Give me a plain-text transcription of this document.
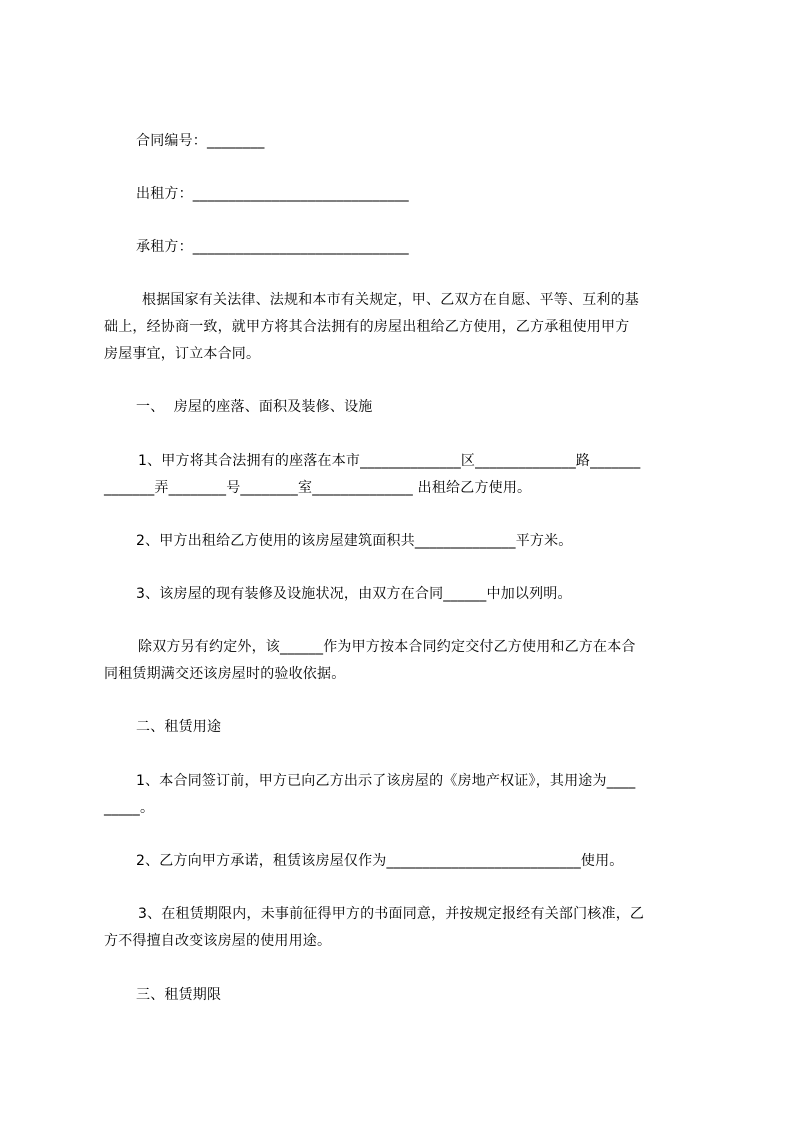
合同编号：________
出租方：______________________________
承租方：______________________________
根据国家有关法律、法规和本市有关规定，甲、乙双方在自愿、平等、互利的基
础上，经协商一致，就甲方将其合法拥有的房屋出租给乙方使用，乙方承租使用甲方
房屋事宜，订立本合同。
一、  房屋的座落、面积及装修、设施
1、甲方将其合法拥有的座落在本市______________区______________路_______
_______弄________号________室______________ 出租给乙方使用。
2、甲方出租给乙方使用的该房屋建筑面积共______________平方米。
3、该房屋的现有装修及设施状况，由双方在合同______中加以列明。
除双方另有约定外，该______作为甲方按本合同约定交付乙方使用和乙方在本合
同租赁期满交还该房屋时的验收依据。
二、租赁用途
1、本合同签订前，甲方已向乙方出示了该房屋的《房地产权证》，其用途为____
_____。
2、乙方向甲方承诺，租赁该房屋仅作为___________________________使用。
3、在租赁期限内，未事前征得甲方的书面同意，并按规定报经有关部门核准，乙
方不得擅自改变该房屋的使用用途。
三、租赁期限
